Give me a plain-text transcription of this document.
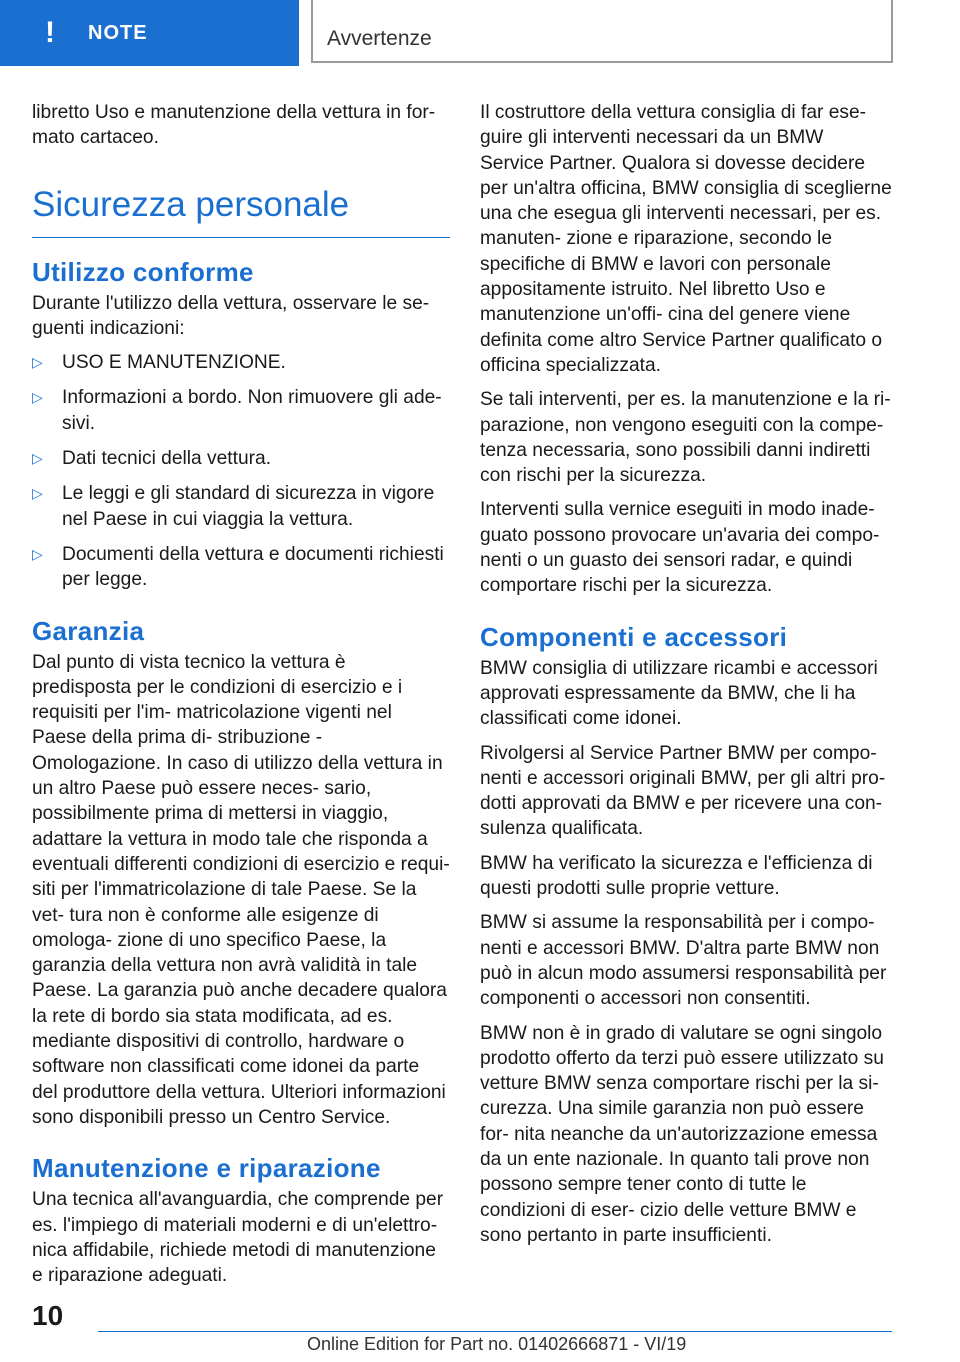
! NOTE	Avvertenze

libretto Uso e manutenzione della vettura in for- mato cartaceo.

Sicurezza personale
Utilizzo conforme

Durante l'utilizzo della vettura, osservare le se- guenti indicazioni:

▷ USO E MANUTENZIONE.
▷ Informazioni a bordo. Non rimuovere gli ade- sivi.
▷ Dati tecnici della vettura.
▷ Le leggi e gli standard di sicurezza in vigore nel Paese in cui viaggia la vettura.
▷ Documenti della vettura e documenti richiesti per legge.
Garanzia

Dal punto di vista tecnico la vettura è predisposta per le condizioni di esercizio e i requisiti per l'im- matricolazione vigenti nel Paese della prima di- stribuzione - Omologazione. In caso di utilizzo della vettura in un altro Paese può essere neces- sario, possibilmente prima di mettersi in viaggio, adattare la vettura in modo tale che risponda a eventuali differenti condizioni di esercizio e requi- siti per l'immatricolazione di tale Paese. Se la vet- tura non è conforme alle esigenze di omologa- zione di uno specifico Paese, la garanzia della vettura non avrà validità in tale Paese. La garanzia può anche decadere qualora la rete di bordo sia stata modificata, ad es. mediante dispositivi di controllo, hardware o software non classificati come idonei da parte del produttore della vettura. Ulteriori informazioni sono disponibili presso un Centro Service.

Manutenzione e riparazione

Una tecnica all'avanguardia, che comprende per es. l'impiego di materiali moderni e di un'elettro- nica affidabile, richiede metodi di manutenzione e riparazione adeguati.

Il costruttore della vettura consiglia di far ese- guire gli interventi necessari da un BMW Service Partner. Qualora si dovesse decidere per un'altra officina, BMW consiglia di sceglierne una che esegua gli interventi necessari, per es. manuten- zione e riparazione, secondo le specifiche di BMW e lavori con personale appositamente istruito. Nel libretto Uso e manutenzione un'offi- cina del genere viene definita come altro Service Partner qualificato o officina specializzata.

Se tali interventi, per es. la manutenzione e la ri- parazione, non vengono eseguiti con la compe- tenza necessaria, sono possibili danni indiretti con rischi per la sicurezza.

Interventi sulla vernice eseguiti in modo inade- guato possono provocare un'avaria dei compo- nenti o un guasto dei sensori radar, e quindi comportare rischi per la sicurezza.

Componenti e accessori

BMW consiglia di utilizzare ricambi e accessori approvati espressamente da BMW, che li ha classificati come idonei.

Rivolgersi al Service Partner BMW per compo- nenti e accessori originali BMW, per gli altri pro- dotti approvati da BMW e per ricevere una con- sulenza qualificata.

BMW ha verificato la sicurezza e l'efficienza di questi prodotti sulle proprie vetture.

BMW si assume la responsabilità per i compo- nenti e accessori BMW. D'altra parte BMW non può in alcun modo assumersi responsabilità per componenti o accessori non consentiti.

BMW non è in grado di valutare se ogni singolo prodotto offerto da terzi può essere utilizzato su vetture BMW senza comportare rischi per la si- curezza. Una simile garanzia non può essere for- nita neanche da un'autorizzazione emessa da un ente nazionale. In quanto tali prove non possono sempre tener conto di tutte le condizioni di eser- cizio delle vetture BMW e sono pertanto in parte insufficienti.

10
Online Edition for Part no. 01402666871 - VI/19
